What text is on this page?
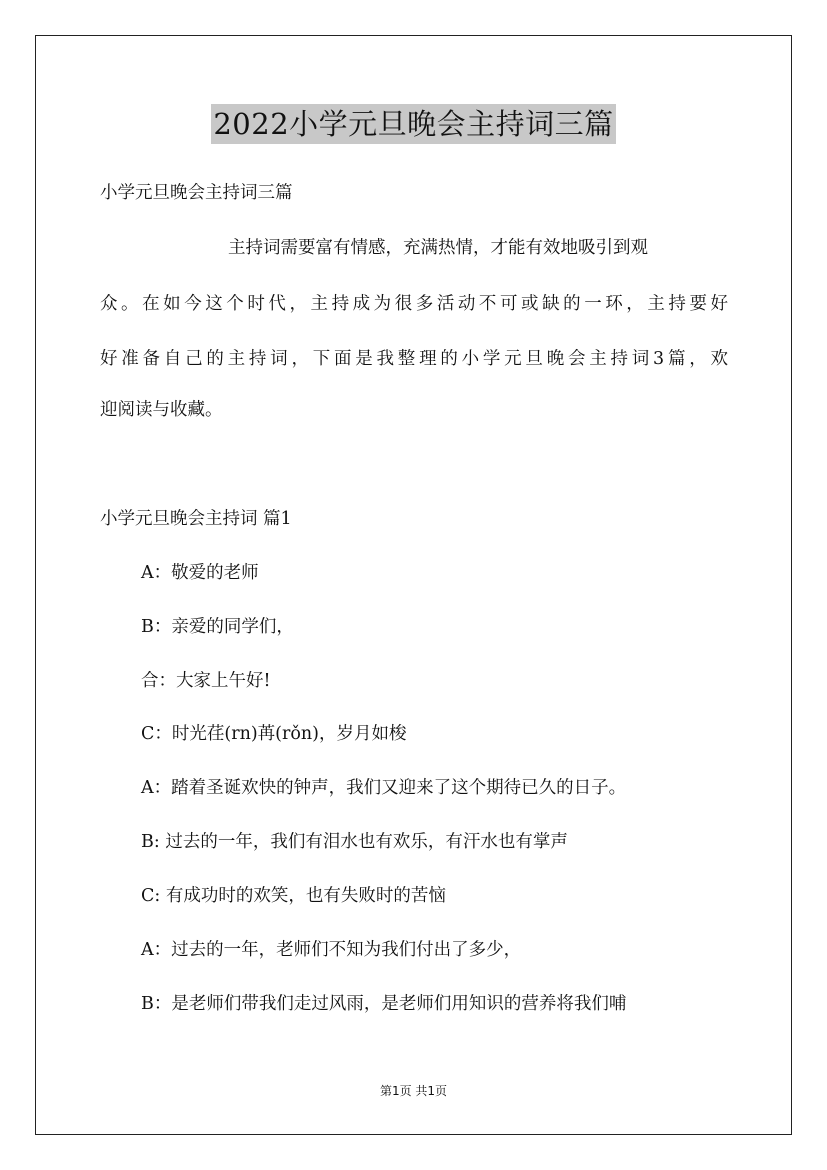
2022小学元旦晚会主持词三篇
小学元旦晚会主持词三篇
主持词需要富有情感，充满热情，才能有效地吸引到观
众。在如今这个时代，主持成为很多活动不可或缺的一环，主持要好
好准备自己的主持词，下面是我整理的小学元旦晚会主持词3篇，欢
迎阅读与收藏。
小学元旦晚会主持词 篇1
A：敬爱的老师
B：亲爱的同学们，
合：大家上午好!
C：时光荏(rn)苒(rǒn)，岁月如梭
A：踏着圣诞欢快的钟声，我们又迎来了这个期待已久的日子。
B: 过去的一年，我们有泪水也有欢乐，有汗水也有掌声
C: 有成功时的欢笑，也有失败时的苦恼
A：过去的一年，老师们不知为我们付出了多少，
B：是老师们带我们走过风雨，是老师们用知识的营养将我们哺
第1页 共1页
